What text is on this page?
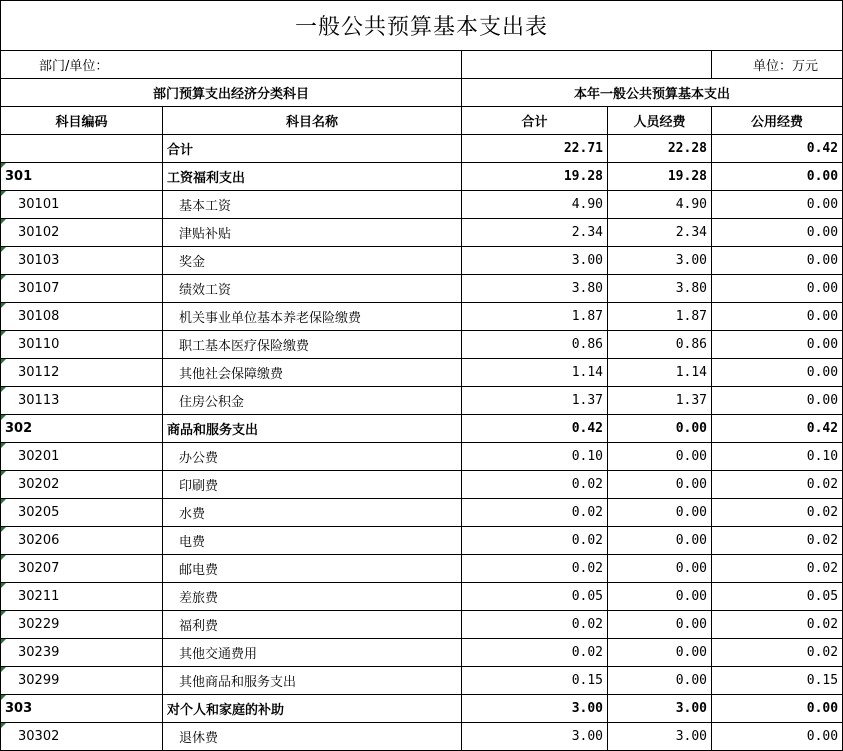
一般公共预算基本支出表				
部门/单位：				单位：万元
部门预算支出经济分类科目		本年一般公共预算基本支出		
科目编码	科目名称	合计	人员经费	公用经费
	合计	22.71	22.28	0.42

301	工资福利支出	19.28	19.28	0.00

30101	基本工资	4.90	4.90	0.00

30102	津贴补贴	2.34	2.34	0.00

30103	奖金	3.00	3.00	0.00

30107	绩效工资	3.80	3.80	0.00

30108	机关事业单位基本养老保险缴费	1.87	1.87	0.00

30110	职工基本医疗保险缴费	0.86	0.86	0.00

30112	其他社会保障缴费	1.14	1.14	0.00

30113	住房公积金	1.37	1.37	0.00

302	商品和服务支出	0.42	0.00	0.42

30201	办公费	0.10	0.00	0.10

30202	印刷费	0.02	0.00	0.02

30205	水费	0.02	0.00	0.02

30206	电费	0.02	0.00	0.02

30207	邮电费	0.02	0.00	0.02

30211	差旅费	0.05	0.00	0.05

30229	福利费	0.02	0.00	0.02

30239	其他交通费用	0.02	0.00	0.02

30299	其他商品和服务支出	0.15	0.00	0.15

303	对个人和家庭的补助	3.00	3.00	0.00

30302	退休费	3.00	3.00	0.00
